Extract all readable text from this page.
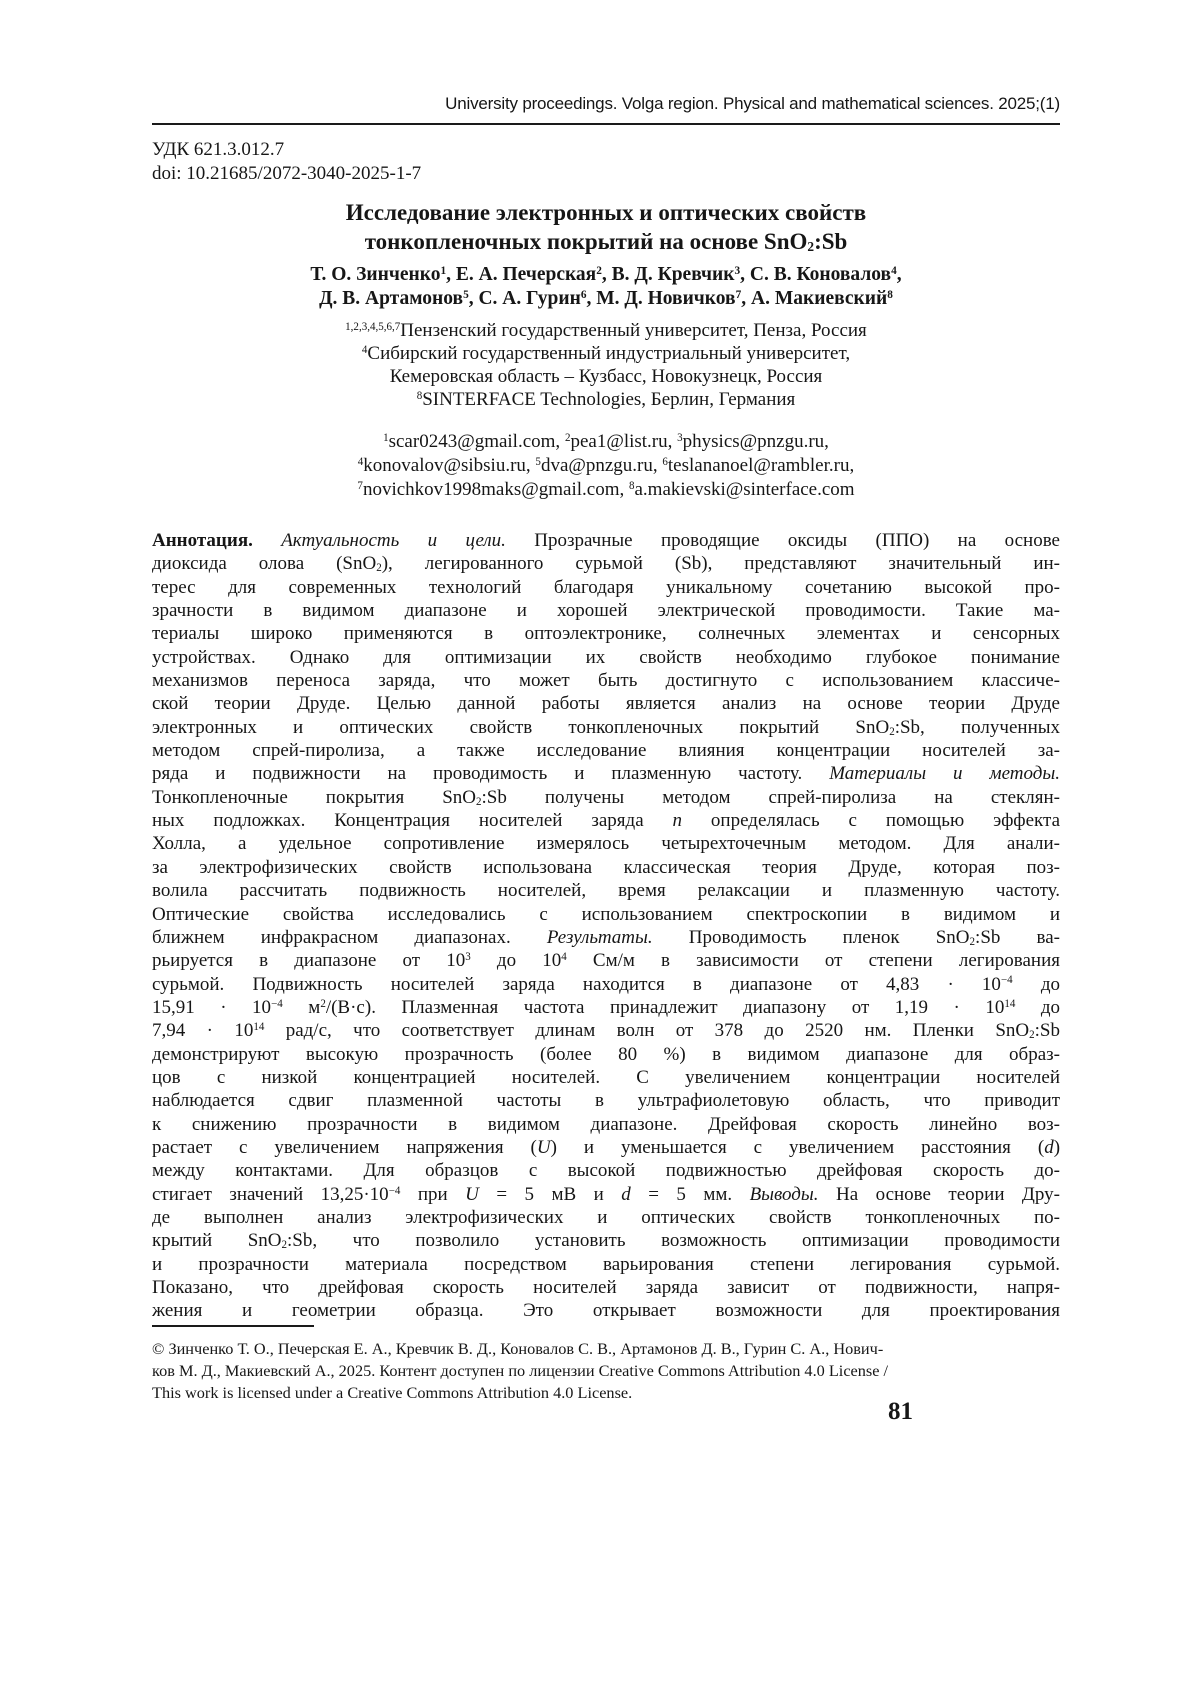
University proceedings. Volga region. Physical and mathematical sciences. 2025;(1)
УДК 621.3.012.7
doi: 10.21685/2072-3040-2025-1-7
Исследование электронных и оптических свойств
тонкопленочных покрытий на основе SnO$_2$:Sb
Т. О. Зинченко$^1$, Е. А. Печерская$^2$, В. Д. Кревчик$^3$, С. В. Коновалов$^4$,
Д. В. Артамонов$^5$, С. А. Гурин$^6$, М. Д. Новичков$^7$, А. Макиевский$^8$
$^{1,2,3,4,5,6,7}$Пензенский государственный университет, Пенза, Россия
$^4$Сибирский государственный индустриальный университет,
Кемеровская область – Кузбасс, Новокузнецк, Россия
$^8$SINTERFACE Technologies, Берлин, Германия
$^1$scar0243@gmail.com, $^2$pea1@list.ru, $^3$physics@pnzgu.ru,
$^4$konovalov@sibsiu.ru, $^5$dva@pnzgu.ru, $^6$teslananoel@rambler.ru,
$^7$novichkov1998maks@gmail.com, $^8$a.makievski@sinterface.com
Аннотация. Актуальность и цели. Прозрачные проводящие оксиды (ППО) на основе
диоксида олова (SnO$_2$), легированного сурьмой (Sb), представляют значительный ин-
терес для современных технологий благодаря уникальному сочетанию высокой про-
зрачности в видимом диапазоне и хорошей электрической проводимости. Такие ма-
териалы широко применяются в оптоэлектронике, солнечных элементах и сенсорных
устройствах. Однако для оптимизации их свойств необходимо глубокое понимание
механизмов переноса заряда, что может быть достигнуто с использованием классиче-
ской теории Друде. Целью данной работы является анализ на основе теории Друде
электронных и оптических свойств тонкопленочных покрытий SnO$_2$:Sb, полученных
методом спрей-пиролиза, а также исследование влияния концентрации носителей за-
ряда и подвижности на проводимость и плазменную частоту. Материалы и методы.
Тонкопленочные покрытия SnO$_2$:Sb получены методом спрей-пиролиза на стеклян-
ных подложках. Концентрация носителей заряда n определялась с помощью эффекта
Холла, а удельное сопротивление измерялось четырехточечным методом. Для анали-
за электрофизических свойств использована классическая теория Друде, которая поз-
волила рассчитать подвижность носителей, время релаксации и плазменную частоту.
Оптические свойства исследовались с использованием спектроскопии в видимом и
ближнем инфракрасном диапазонах. Результаты. Проводимость пленок SnO$_2$:Sb ва-
рьируется в диапазоне от $10^3$ до $10^4$ См/м в зависимости от степени легирования
сурьмой. Подвижность носителей заряда находится в диапазоне от $4,83 \cdot 10^{-4}$ до
$15,91 \cdot 10^{-4}$ $м^2/(В\cdot с)$. Плазменная частота принадлежит диапазону от $1,19 \cdot 10^{14}$ до
$7,94 \cdot 10^{14}$ рад/с, что соответствует длинам волн от 378 до 2520 нм. Пленки SnO$_2$:Sb
демонстрируют высокую прозрачность (более 80 %) в видимом диапазоне для образ-
цов с низкой концентрацией носителей. С увеличением концентрации носителей
наблюдается сдвиг плазменной частоты в ультрафиолетовую область, что приводит
к снижению прозрачности в видимом диапазоне. Дрейфовая скорость линейно воз-
растает с увеличением напряжения (U) и уменьшается с увеличением расстояния (d)
между контактами. Для образцов с высокой подвижностью дрейфовая скорость до-
стигает значений $13,25\cdot 10^{-4}$ при U = 5 мВ и d = 5 мм. Выводы. На основе теории Дру-
де выполнен анализ электрофизических и оптических свойств тонкопленочных по-
крытий SnO$_2$:Sb, что позволило установить возможность оптимизации проводимости
и прозрачности материала посредством варьирования степени легирования сурьмой.
Показано, что дрейфовая скорость носителей заряда зависит от подвижности, напря-
жения и геометрии образца. Это открывает возможности для проектирования
© Зинченко Т. О., Печерская Е. А., Кревчик В. Д., Коновалов С. В., Артамонов Д. В., Гурин С. А., Нович-
ков М. Д., Макиевский А., 2025. Контент доступен по лицензии Creative Commons Attribution 4.0 License /
This work is licensed under a Creative Commons Attribution 4.0 License.
81
